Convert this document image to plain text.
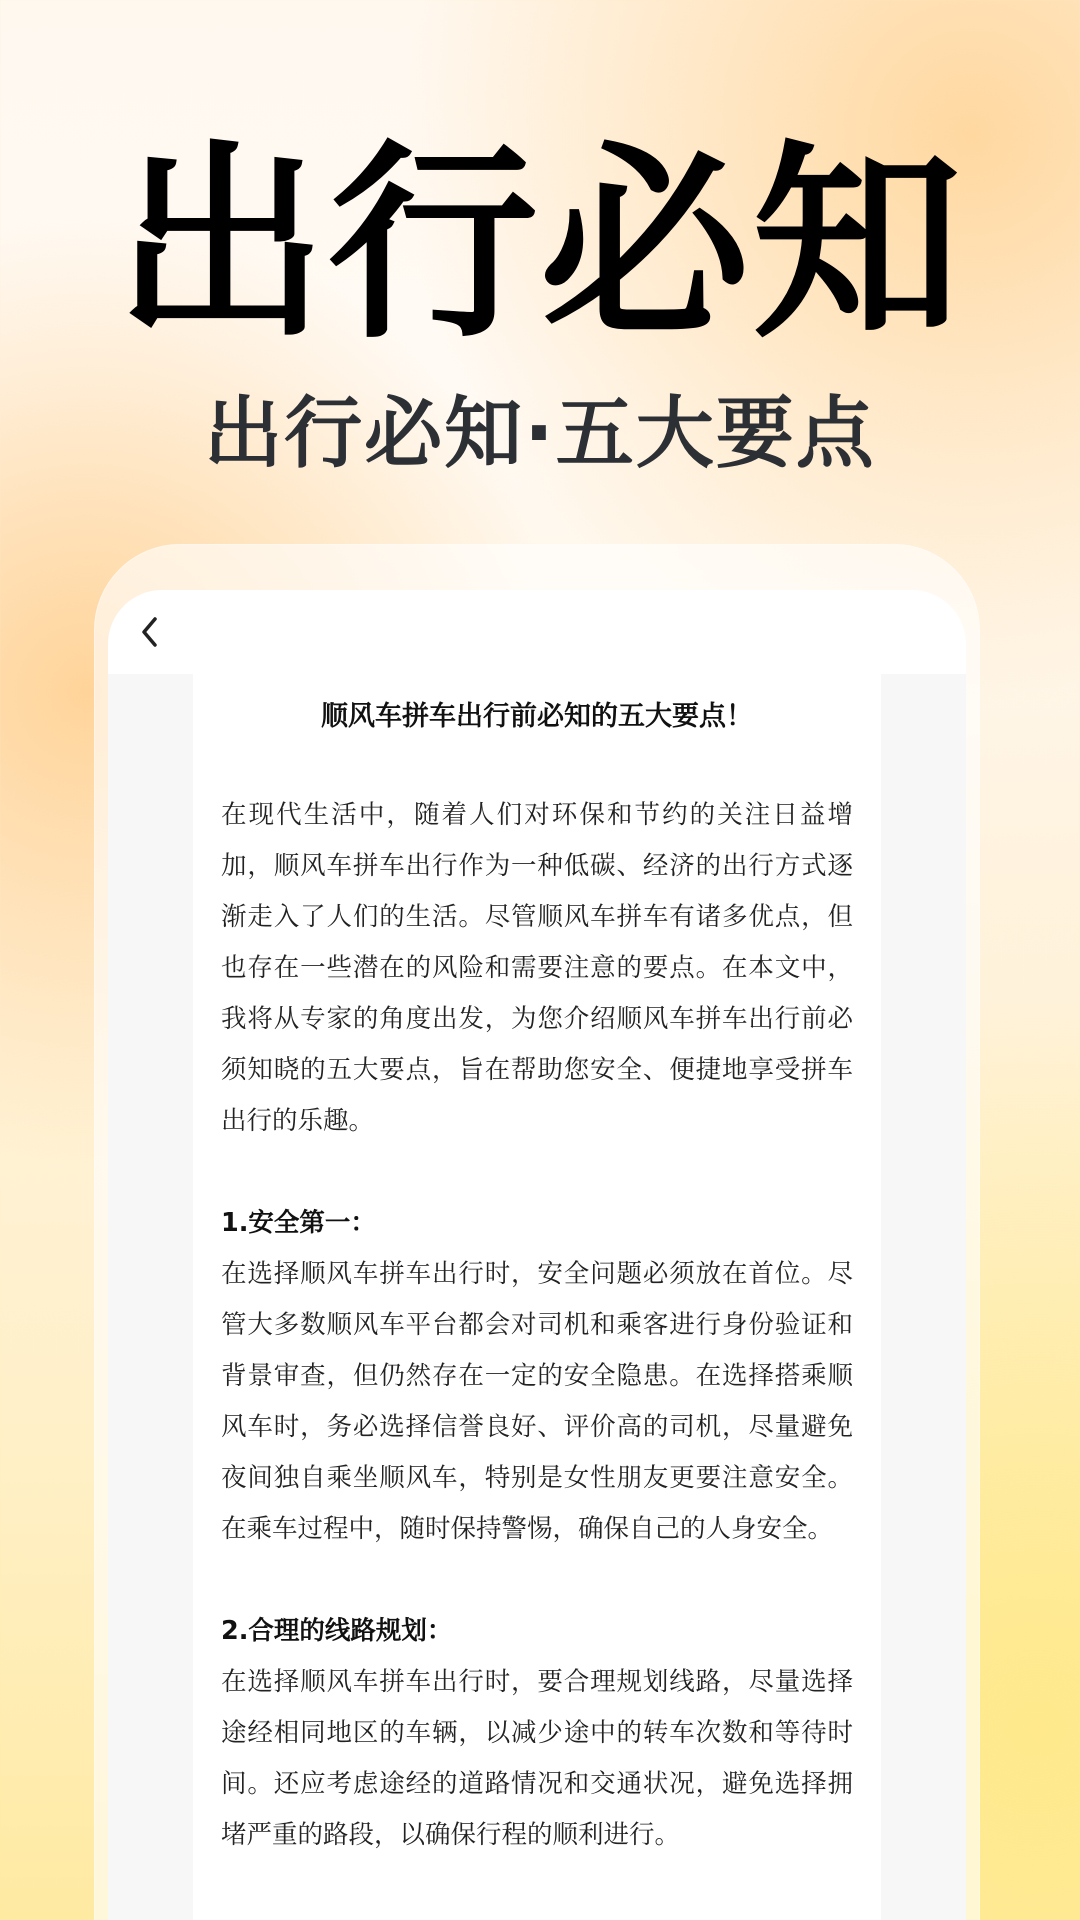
出行必知
出行必知·五大要点
顺风车拼车出行前必知的五大要点！
在现代生活中，随着人们对环保和节约的关注日益增加，顺风车拼车出行作为一种低碳、经济的出行方式逐渐走入了人们的生活。尽管顺风车拼车有诸多优点，但也存在一些潜在的风险和需要注意的要点。在本文中，我将从专家的角度出发，为您介绍顺风车拼车出行前必须知晓的五大要点，旨在帮助您安全、便捷地享受拼车出行的乐趣。
1.安全第一：
在选择顺风车拼车出行时，安全问题必须放在首位。尽管大多数顺风车平台都会对司机和乘客进行身份验证和背景审查，但仍然存在一定的安全隐患。在选择搭乘顺风车时，务必选择信誉良好、评价高的司机，尽量避免夜间独自乘坐顺风车，特别是女性朋友更要注意安全。在乘车过程中，随时保持警惕，确保自己的人身安全。
2.合理的线路规划：
在选择顺风车拼车出行时，要合理规划线路，尽量选择途经相同地区的车辆，以减少途中的转车次数和等待时间。还应考虑途经的道路情况和交通状况，避免选择拥堵严重的路段，以确保行程的顺利进行。
